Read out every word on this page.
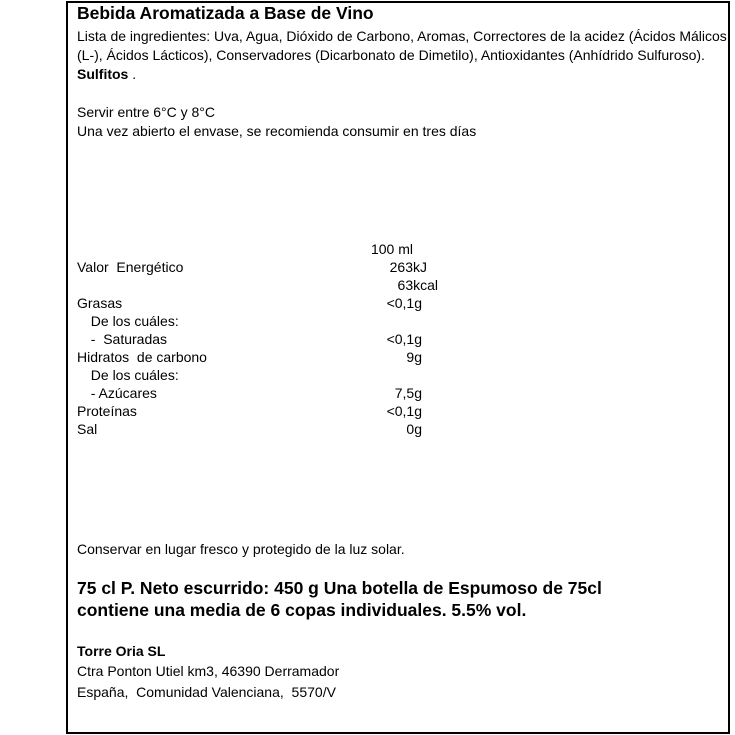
Bebida Aromatizada a Base de Vino
Lista de ingredientes: Uva, Agua, Dióxido de Carbono, Aromas, Correctores de la acidez (Ácidos Málicos (L-), Ácidos Lácticos), Conservadores (Dicarbonato de Dimetilo), Antioxidantes (Anhídrido Sulfuroso). Sulfitos .
Servir entre 6°C y 8°C
Una vez abierto el envase, se recomienda consumir en tres días
100 ml
Valor  Energético	263kJ
63kcal
Grasas	<0,1g
De los cuáles:
-  Saturadas	<0,1g
Hidratos  de carbono	9g
De los cuáles:
- Azúcares	7,5g
Proteínas	<0,1g
Sal	0g
Conservar en lugar fresco y protegido de la luz solar.
75 cl P. Neto escurrido: 450 g Una botella de Espumoso de 75cl
contiene una media de 6 copas individuales. 5.5% vol.
Torre Oria SL
Ctra Ponton Utiel km3, 46390 Derramador
España,  Comunidad Valenciana,  5570/V
